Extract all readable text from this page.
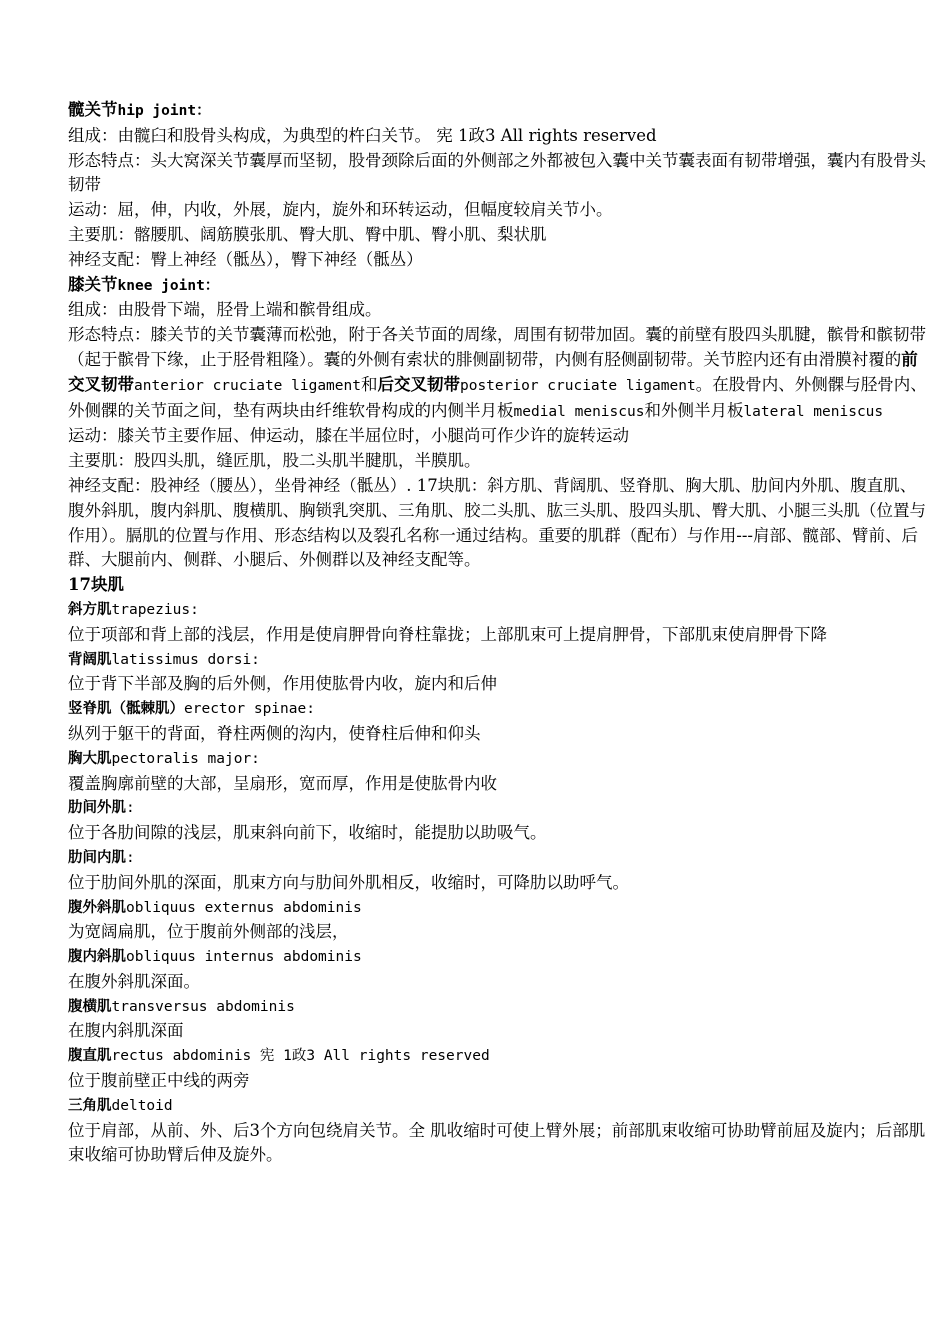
髋关节hip joint：
组成：由髋臼和股骨头构成，为典型的杵臼关节。 宪 1政3 All rights reserved
形态特点：头大窝深关节囊厚而坚韧，股骨颈除后面的外侧部之外都被包入囊中关节囊表面有韧带增强，囊内有股骨头韧带
运动：屈，伸，内收，外展，旋内，旋外和环转运动，但幅度较肩关节小。
主要肌：髂腰肌、阔筋膜张肌、臀大肌、臀中肌、臀小肌、梨状肌
神经支配：臀上神经（骶丛），臀下神经（骶丛）
膝关节knee joint：
组成：由股骨下端，胫骨上端和髌骨组成。
形态特点：膝关节的关节囊薄而松弛，附于各关节面的周缘，周围有韧带加固。囊的前壁有股四头肌腱，髌骨和髌韧带（起于髌骨下缘，止于胫骨粗隆）。囊的外侧有索状的腓侧副韧带，内侧有胫侧副韧带。关节腔内还有由滑膜衬覆的前交叉韧带anterior cruciate ligament和后交叉韧带posterior cruciate ligament。在股骨内、外侧髁与胫骨内、外侧髁的关节面之间，垫有两块由纤维软骨构成的内侧半月板medial meniscus和外侧半月板lateral meniscus
运动：膝关节主要作屈、伸运动，膝在半屈位时，小腿尚可作少许的旋转运动
主要肌：股四头肌，缝匠肌，股二头肌半腱肌，半膜肌。
神经支配：股神经（腰丛），坐骨神经（骶丛）. 17块肌：斜方肌、背阔肌、竖脊肌、胸大肌、肋间内外肌、腹直肌、腹外斜肌，腹内斜肌、腹横肌、胸锁乳突肌、三角肌、胶二头肌、肱三头肌、股四头肌、臀大肌、小腿三头肌（位置与作用）。膈肌的位置与作用、形态结构以及裂孔名称一通过结构。重要的肌群（配布）与作用---肩部、髋部、臂前、后群、大腿前内、侧群、小腿后、外侧群以及神经支配等。
17块肌
斜方肌trapezius:
位于项部和背上部的浅层，作用是使肩胛骨向脊柱靠拢；上部肌束可上提肩胛骨，下部肌束使肩胛骨下降
背阔肌latissimus dorsi:
位于背下半部及胸的后外侧，作用使肱骨内收，旋内和后伸
竖脊肌（骶棘肌）erector spinae:
纵列于躯干的背面，脊柱两侧的沟内，使脊柱后伸和仰头
胸大肌pectoralis major:
覆盖胸廓前壁的大部，呈扇形，宽而厚，作用是使肱骨内收
肋间外肌:
位于各肋间隙的浅层，肌束斜向前下，收缩时，能提肋以助吸气。
肋间内肌:
位于肋间外肌的深面，肌束方向与肋间外肌相反，收缩时，可降肋以助呼气。
腹外斜肌obliquus externus abdominis
为宽阔扁肌，位于腹前外侧部的浅层，
腹内斜肌obliquus internus abdominis
在腹外斜肌深面。
腹横肌transversus abdominis
在腹内斜肌深面
腹直肌rectus abdominis 宪 1政3 All rights reserved
位于腹前壁正中线的两旁
三角肌deltoid
位于肩部，从前、外、后3个方向包绕肩关节。全 肌收缩时可使上臂外展；前部肌束收缩可协助臂前屈及旋内；后部肌束收缩可协助臂后伸及旋外。
